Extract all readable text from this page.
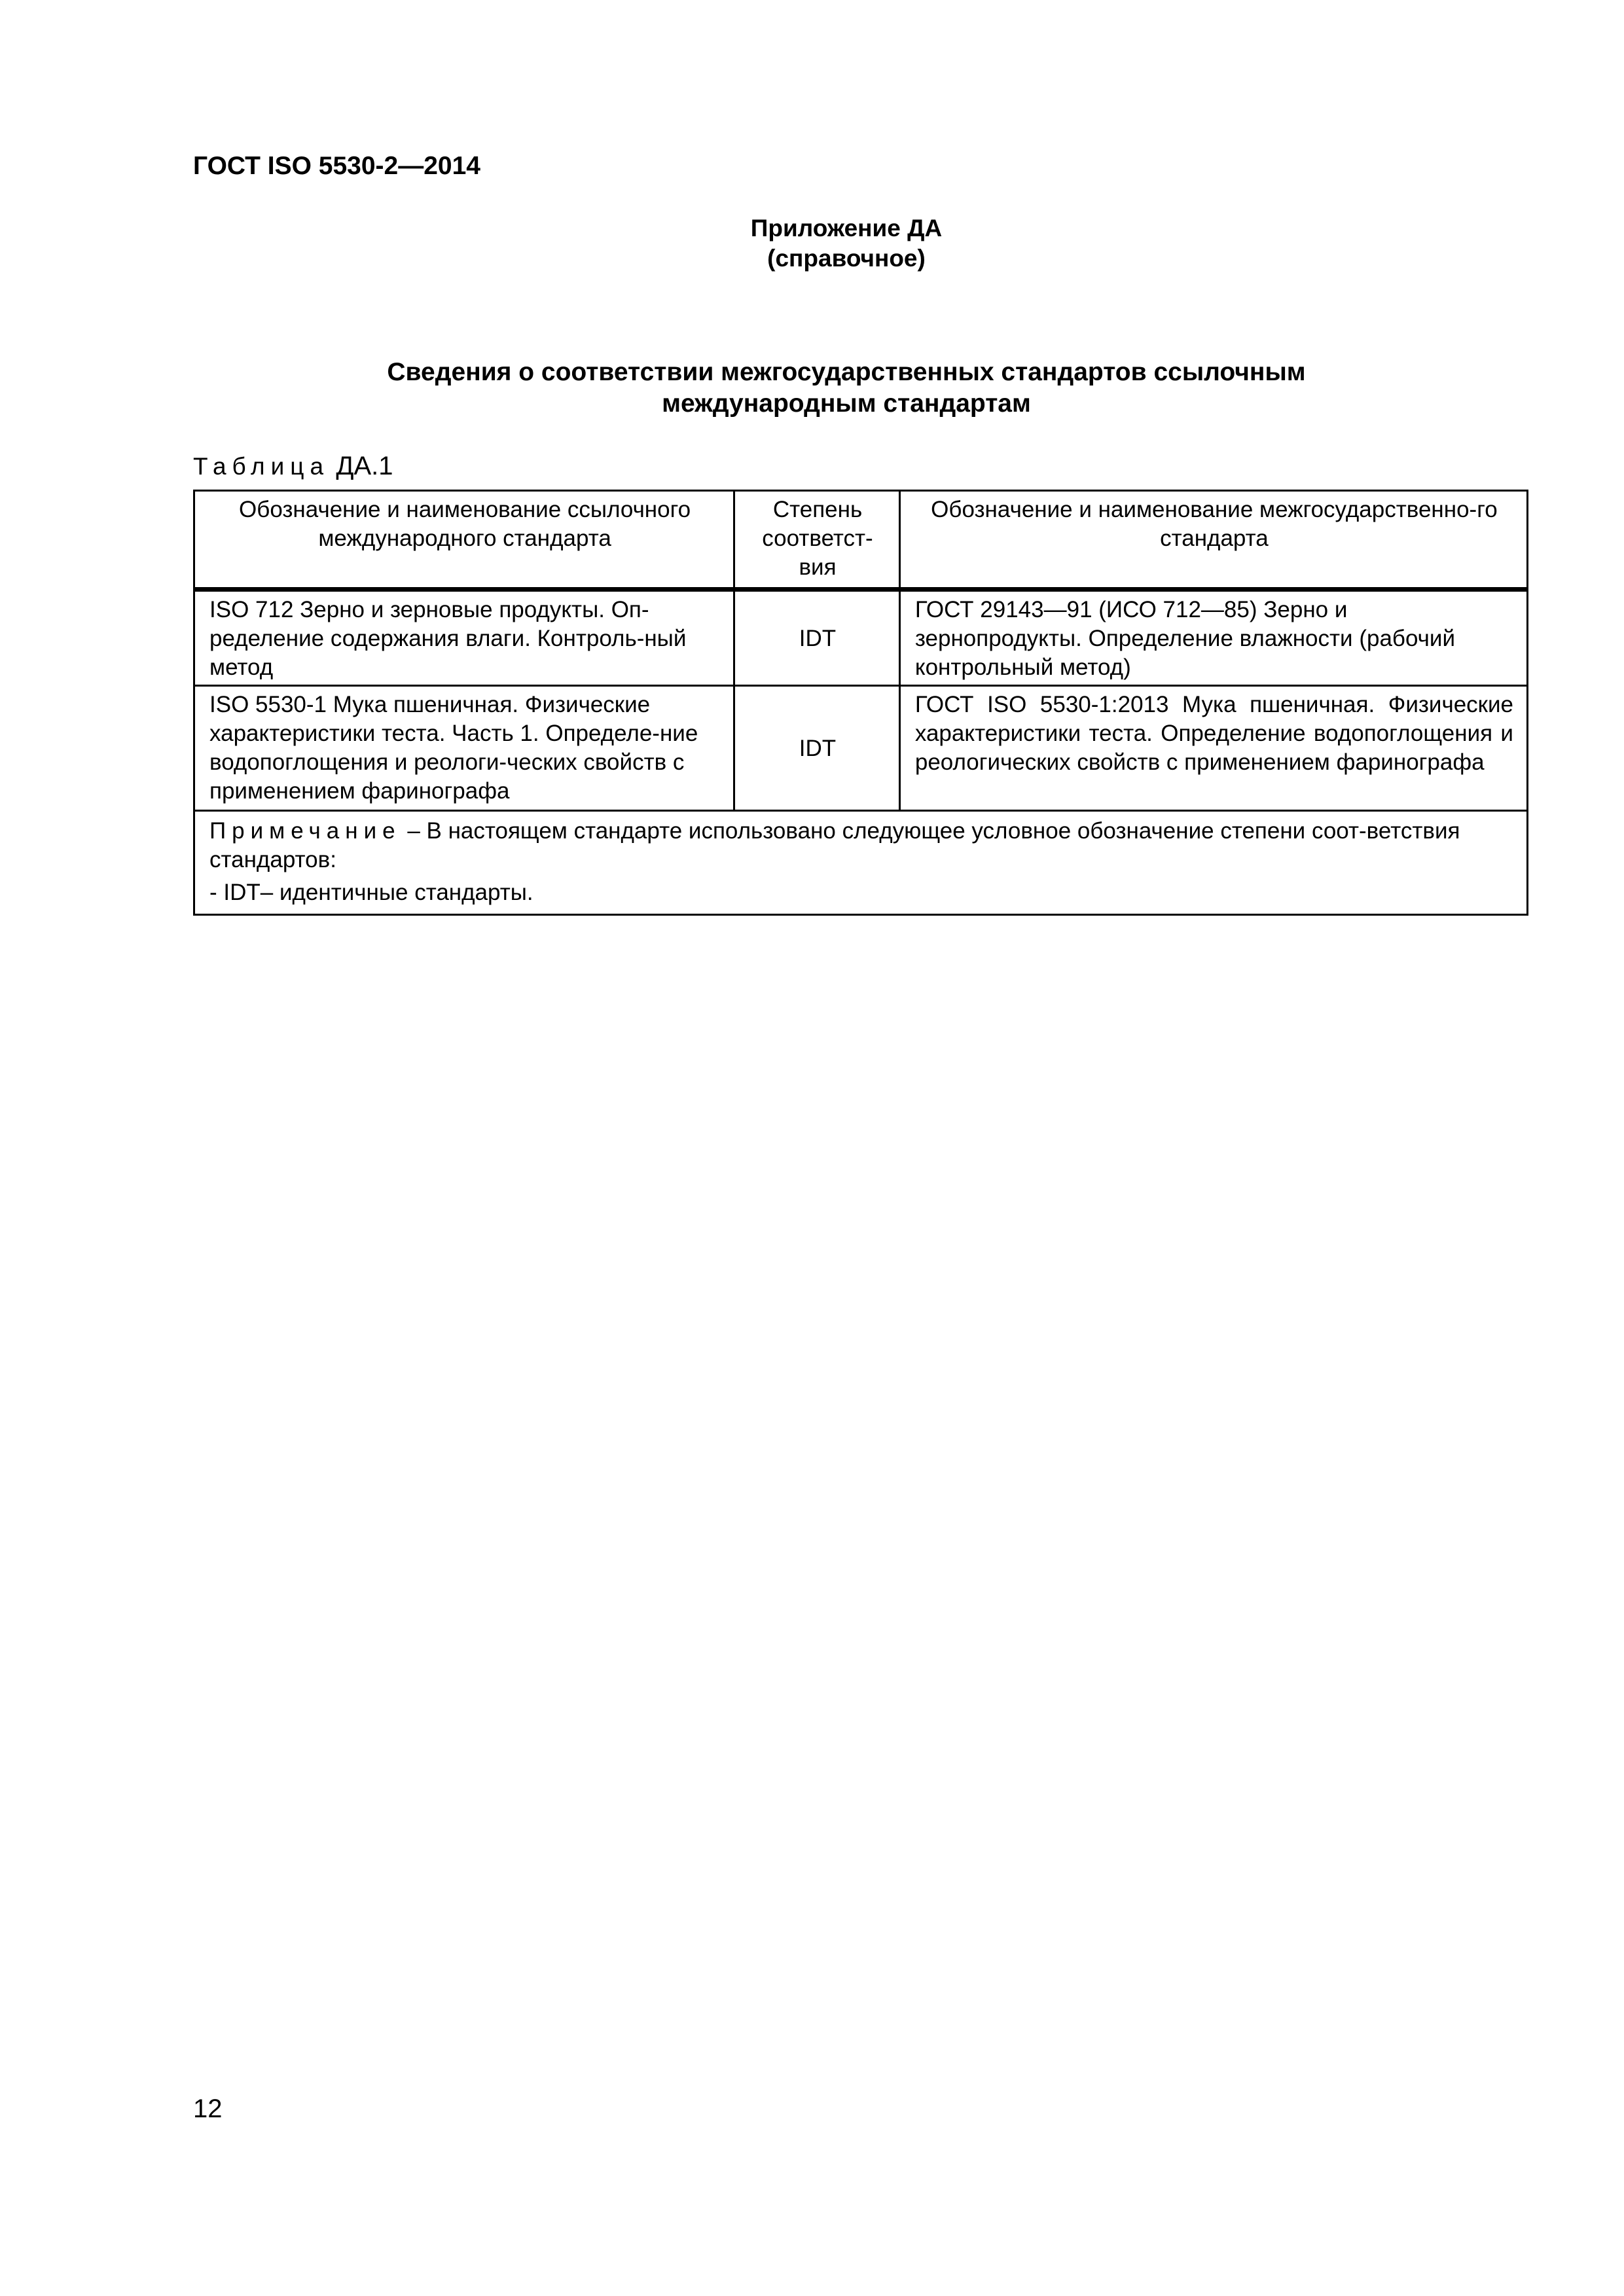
ГОСТ ISO 5530-2—2014
Приложение ДА
(справочное)
Сведения о соответствии межгосударственных стандартов ссылочным
международным стандартам
Таблица ДА.1
Обозначение и наименование ссылочного международного стандарта	Степень соответст-вия	Обозначение и наименование межгосударственно-го стандарта
ISO 712 Зерно и зерновые продукты. Оп-ределение содержания влаги. Контроль-ный метод	IDT	ГОСТ 29143—91 (ИСО 712—85) Зерно и зернопродукты. Определение влажности (рабочий контрольный метод)
ISO 5530-1 Мука пшеничная. Физические характеристики теста. Часть 1. Определе-ние водопоглощения и реологи-ческих свойств с применением фаринографа	IDT	ГОСТ ISO 5530-1:2013 Мука пшеничная. Физические характеристики теста. Определение водопоглощения и реологических свойств с применением фаринографа

Примечание – В настоящем стандарте использовано следующее условное обозначение степени соот-ветствия стандартов:
- IDT– идентичные стандарты.		
12
